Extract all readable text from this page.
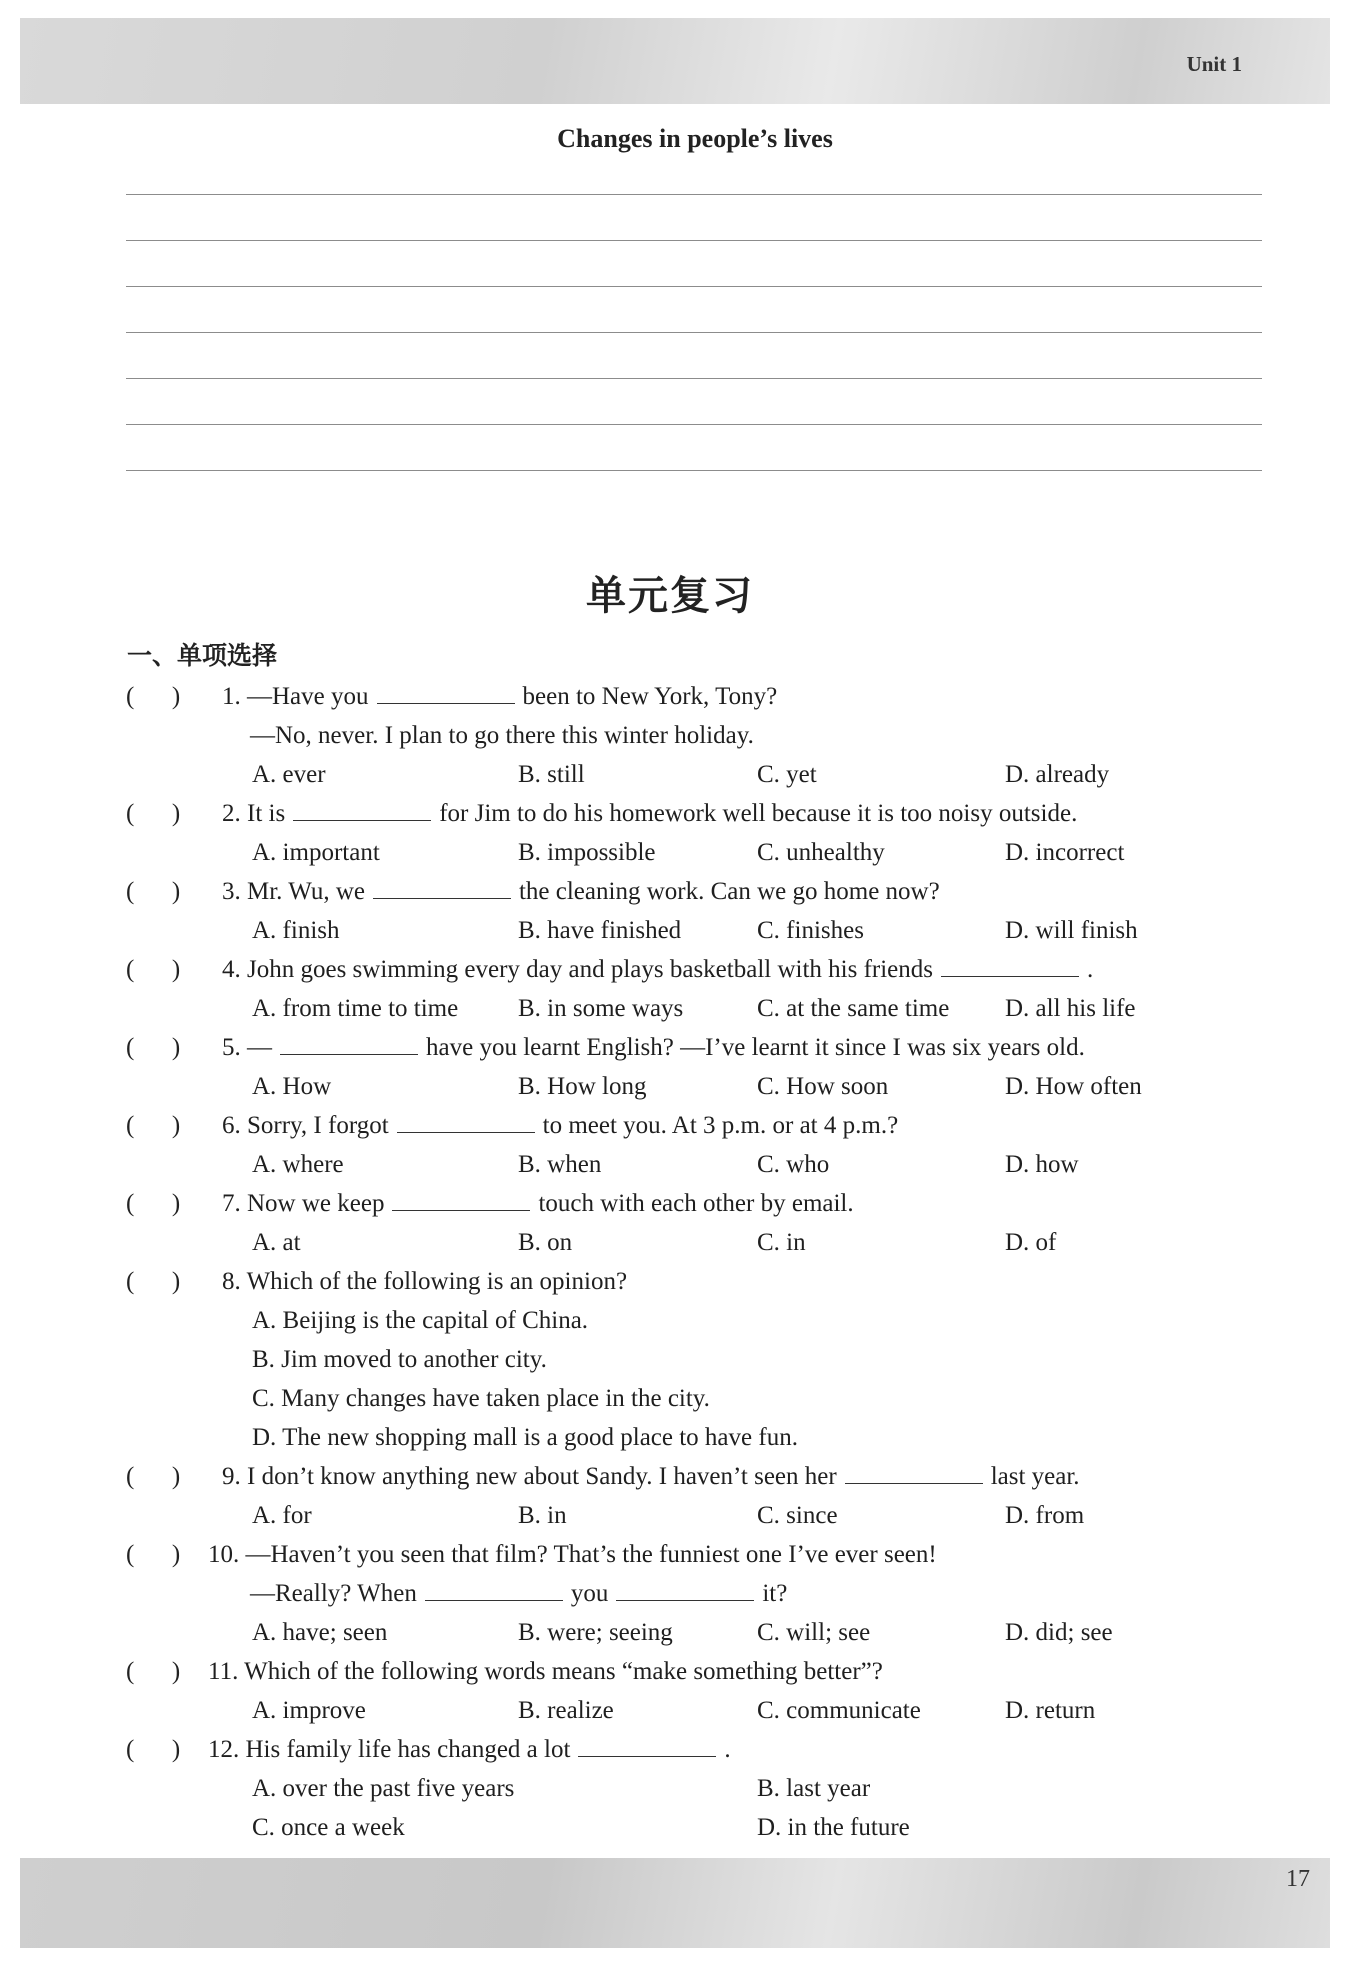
Unit 1
17
Changes in people’s lives
单元复习
一、单项选择
(      ) 1. —Have you	been to New York, Tony?
—No, never. I plan to go there this winter holiday.
A. ever	B. still	C. yet	D. already
(      ) 2. It is	for Jim to do his homework well because it is too noisy outside.
A. important	B. impossible	C. unhealthy	D. incorrect
(      ) 3. Mr. Wu, we	the cleaning work. Can we go home now?
A. finish	B. have finished	C. finishes	D. will finish
(      ) 4. John goes swimming every day and plays basketball with his friends	.
A. from time to time B. in some ways	C. at the same time D. all his life
(      ) 5. —	have you learnt English? —I’ve learnt it since I was six years old.
A. How	B. How long	C. How soon	D. How often
(      ) 6. Sorry, I forgot	to meet you. At 3 p.m. or at 4 p.m.?
A. where	B. when	C. who	D. how
(      ) 7. Now we keep	touch with each other by email.
A. at	B. on	C. in	D. of
(      ) 8. Which of the following is an opinion?
A. Beijing is the capital of China.
B. Jim moved to another city.
C. Many changes have taken place in the city.
D. The new shopping mall is a good place to have fun.
(      ) 9. I don’t know anything new about Sandy. I haven’t seen her	last year.
A. for	B. in	C. since	D. from
(      ) 10. —Haven’t you seen that film? That’s the funniest one I’ve ever seen!
—Really? When	you	it?
A. have; seen	B. were; seeing	C. will; see	D. did; see
(      ) 11. Which of the following words means “make something better”?
A. improve	B. realize	C. communicate	D. return
(      ) 12. His family life has changed a lot	.
A. over the past five years	B. last year
C. once a week	D. in the future
